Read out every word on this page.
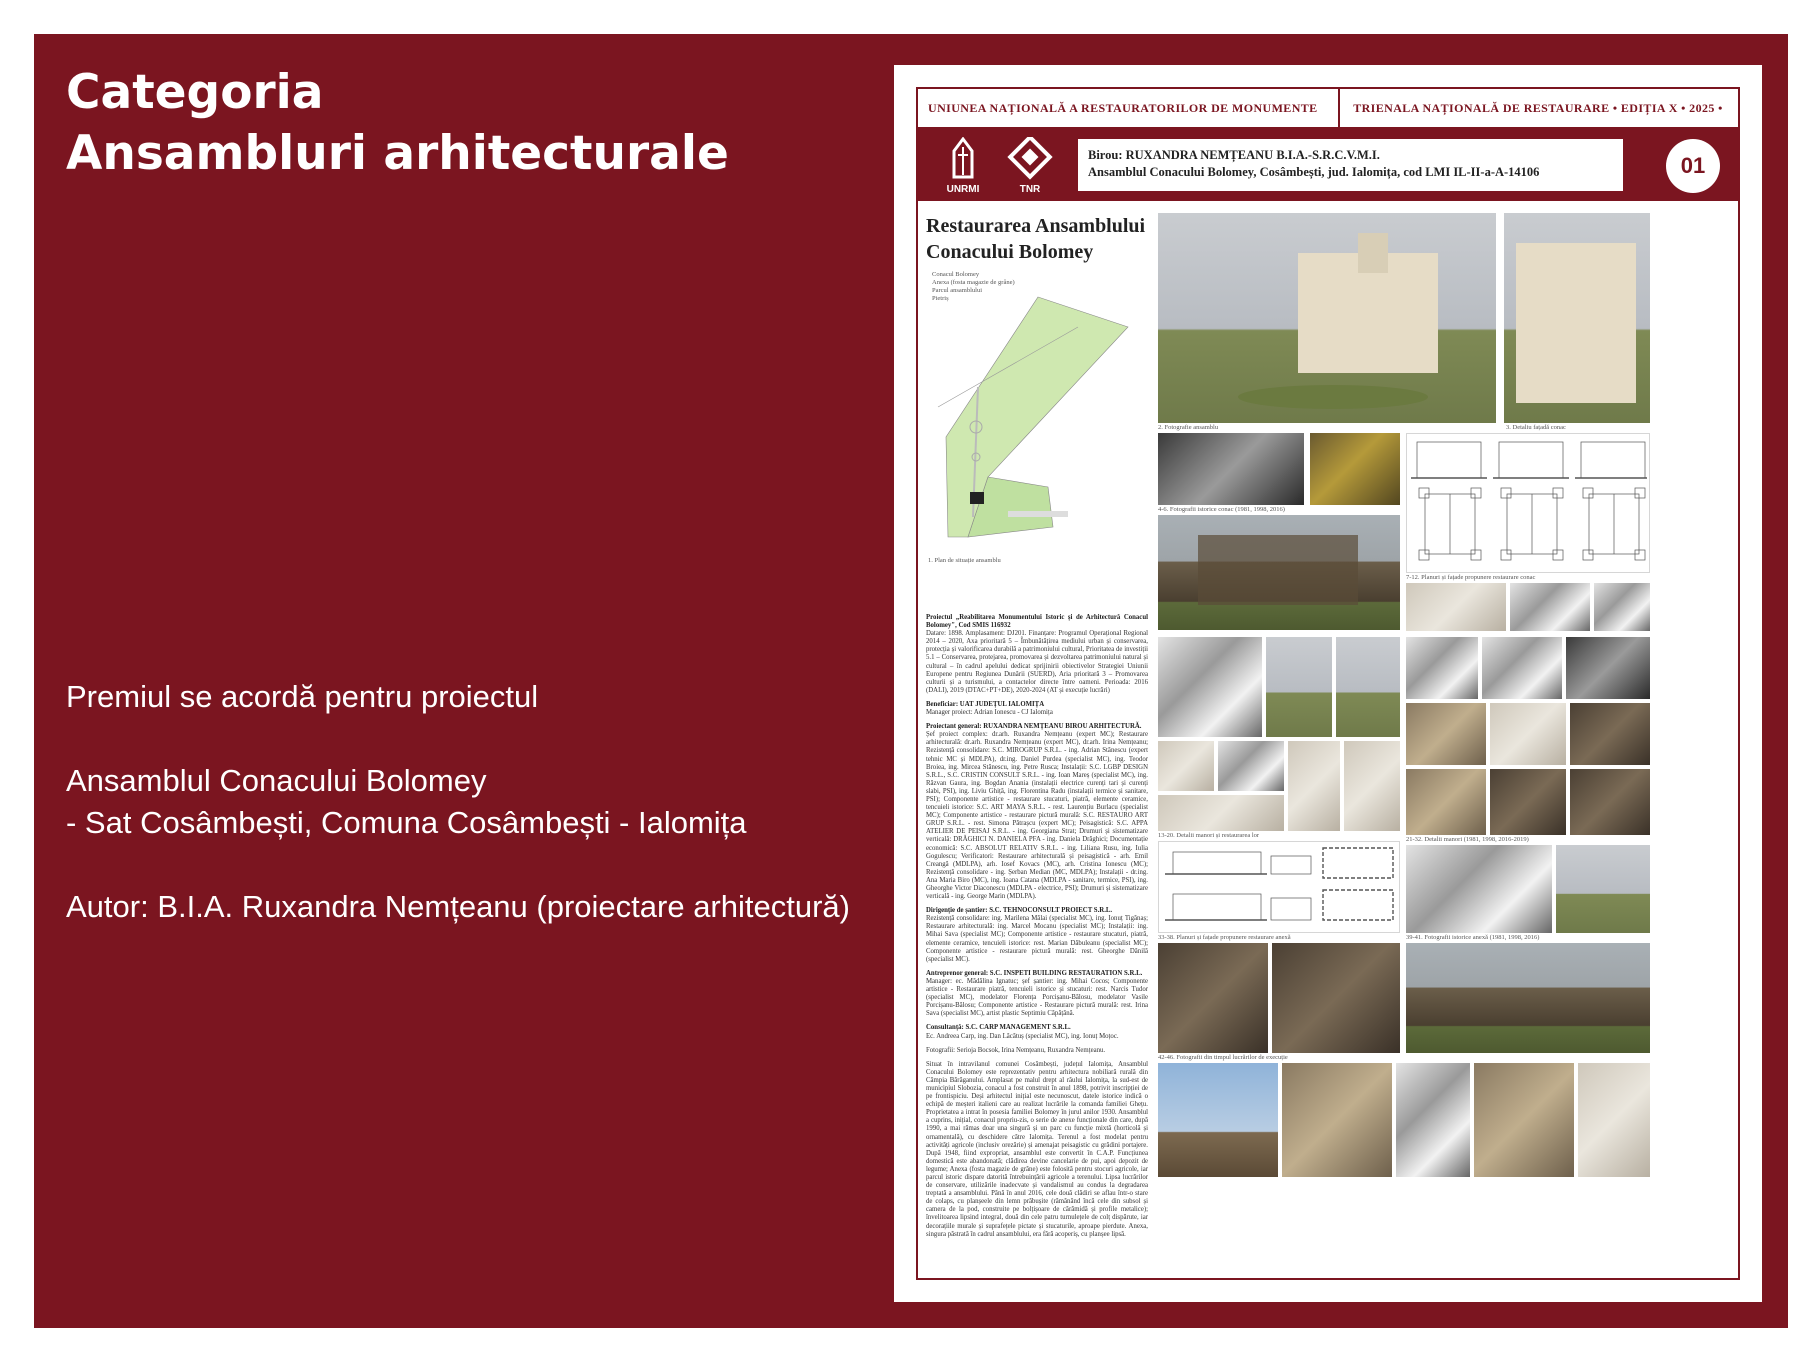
Categoria
Ansambluri arhitecturale

Premiul se acordă pentru proiectul

Ansamblul Conacului Bolomey

- Sat Cosâmbești, Comuna Cosâmbești - Ialomița

Autor: B.I.A. Ruxandra Nemțeanu (proiectare arhitectură)

UNIUNEA NAȚIONALĂ A RESTAURATORILOR DE MONUMENTE	TRIENALA NAȚIONALĂ DE RESTAURARE • EDIȚIA X • 2025 •
UNRMI	TNR
Birou: RUXANDRA NEMȚEANU B.I.A.-S.R.C.V.M.I.
Ansamblul Conacului Bolomey, Cosâmbești, jud. Ialomița, cod LMI IL-II-a-A-14106	01
Restaurarea Ansamblului
Conacului Bolomey
Conacul Bolomey
Anexa (fosta magazie de grâne)
Parcul ansamblului
Pietriș
1. Plan de situație ansamblu

Proiectul „Reabilitarea Monumentului Istoric și de Arhitectură Conacul Bolomey", Cod SMIS 116932
Datare: 1898. Amplasament: DJ201. Finanțare: Programul Operațional Regional 2014 – 2020, Axa prioritară 5 – Îmbunătățirea mediului urban și conservarea, protecția și valorificarea durabilă a patrimoniului cultural, Prioritatea de investiții 5.1 – Conservarea, protejarea, promovarea și dezvoltarea patrimoniului natural și cultural – în cadrul apelului dedicat sprijinirii obiectivelor Strategiei Uniunii Europene pentru Regiunea Dunării (SUERD), Aria prioritară 3 – Promovarea culturii și a turismului, a contactelor directe între oameni. Perioada: 2016 (DALI), 2019 (DTAC+PT+DE), 2020-2024 (AT și execuție lucrări)

Beneficiar: UAT JUDEȚUL IALOMIȚA
Manager proiect: Adrian Ionescu - CJ Ialomița

Proiectant general: RUXANDRA NEMȚEANU BIROU ARHITECTURĂ.
Șef proiect complex: dr.arh. Ruxandra Nemțeanu (expert MC); Restaurare arhitecturală: dr.arh. Ruxandra Nemțeanu (expert MC), dr.arh. Irina Nemțeanu; Rezistență consolidare: S.C. MIROGRUP S.R.L. - ing. Adrian Stănescu (expert tehnic MC și MDLPA), dr.ing. Daniel Purdea (specialist MC), ing. Teodor Broiea, ing. Mircea Stănescu, ing. Petre Rusca; Instalații: S.C. LGBP DESIGN S.R.L., S.C. CRISTIN CONSULT S.R.L. - ing. Ioan Mareș (specialist MC), ing. Răzvan Gaura, ing. Bogdan Anania (instalații electrice curenți tari și curenți slabi, PSI), ing. Liviu Ghiță, ing. Florentina Radu (instalații termice și sanitare, PSI); Componente artistice - restaurare stucaturi, piatră, elemente ceramice, tencuieli istorice: S.C. ART MAYA S.R.L. - rest. Laurențiu Burlacu (specialist MC); Componente artistice - restaurare pictură murală: S.C. RESTAURO ART GRUP S.R.L. - rest. Simona Pătrașcu (expert MC); Peisagistică: S.C. APPA ATELIER DE PEISAJ S.R.L. - ing. Georgiana Strat; Drumuri și sistematizare verticală: DRĂGHICI N. DANIELA PFA - ing. Daniela Drăghici; Documentație economică: S.C. ABSOLUT RELATIV S.R.L. - ing. Liliana Rusu, ing. Iulia Gogulescu; Verificatori: Restaurare arhitecturală și peisagistică - arh. Emil Creangă (MDLPA), arh. Iosef Kovacs (MC), arh. Cristina Ionescu (MC); Rezistență consolidare - ing. Șerban Median (MC, MDLPA); Instalații - dr.ing. Ana Maria Biro (MC), ing. Ioana Catana (MDLPA - sanitare, termice, PSI), ing. Gheorghe Victor Diaconescu (MDLPA - electrice, PSI); Drumuri și sistematizare verticală - ing. George Marin (MDLPA).

Dirigenție de șantier: S.C. TEHNOCONSULT PROIECT S.R.L.
Rezistență consolidare: ing. Marilena Mălai (specialist MC), ing. Ionuț Tigănaș; Restaurare arhitecturală: ing. Marcel Mocanu (specialist MC); Instalații: ing. Mihai Sava (specialist MC); Componente artistice - restaurare stucaturi, piatră, elemente ceramice, tencuieli istorice: rest. Marian Dăbuleanu (specialist MC); Componente artistice - restaurare pictură murală: rest. Gheorghe Dănilă (specialist MC).

Antreprenor general: S.C. INSPETI BUILDING RESTAURATION S.R.L.
Manager: ec. Mădălina Ignatuc; șef șantier: ing. Mihai Cocos; Componente artistice - Restaurare piatră, tencuieli istorice și stucaturi: rest. Narcis Tudor (specialist MC), modelator Florența Porcișanu-Bălosu, modelator Vasile Porcișanu-Bălosu; Componente artistice - Restaurare pictură murală: rest. Irina Sava (specialist MC), artist plastic Septimiu Căpățână.

Consultanță: S.C. CARP MANAGEMENT S.R.L.
Ec. Andreea Carp, ing. Dan Lăcătuș (specialist MC), ing. Ionuț Moțoc.

Fotografii: Serioja Bocsok, Irina Nemțeanu, Ruxandra Nemțeanu.

Situat în intravilanul comunei Cosâmbești, județul Ialomița, Ansamblul Conacului Bolomey este reprezentativ pentru arhitectura nobiliară rurală din Câmpia Bărăganului. Amplasat pe malul drept al râului Ialomița, la sud-est de municipiul Slobozia, conacul a fost construit în anul 1898, potrivit inscripției de pe frontispiciu. Deși arhitectul inițial este necunoscut, datele istorice indică o echipă de meșteri italieni care au realizat lucrările la comanda familiei Ghețu. Proprietatea a intrat în posesia familiei Bolomey în jurul anilor 1930. Ansamblul a cuprins, inițial, conacul propriu-zis, o serie de anexe funcționale din care, după 1990, a mai rămas doar una singură și un parc cu funcție mixtă (horticolă și ornamentală), cu deschidere către Ialomița. Terenul a fost modelat pentru activități agricole (inclusiv orezărie) și amenajat peisagistic cu grădini portajere. După 1948, fiind expropriat, ansamblul este convertit în C.A.P. Funcțiunea domestică este abandonată; clădirea devine cancelarie de pui, apoi depozit de legume; Anexa (fosta magazie de grâne) este folosită pentru stocuri agricole, iar parcul istoric dispare datorită întrebuințării agricole a terenului. Lipsa lucrărilor de conservare, utilizările inadecvate și vandalismul au condus la degradarea treptată a ansamblului. Până în anul 2016, cele două clădiri se aflau într-o stare de colaps, cu planșeele din lemn prăbușite (rămânând încă cele din subsol și camera de la pod, construite pe bolțișoare de cărămidă și profile metalice); învelitoarea lipsind integral, două din cele patru turnulețele de colț dispărute, iar decorațiile murale și suprafețele pictate și stucaturile, aproape pierdute. Anexa, singura păstrată în cadrul ansamblului, era fără acoperiș, cu planșee lipsă.

2. Fotografie ansamblu	3. Detaliu fațadă conac
4-6. Fotografii istorice conac (1981, 1998, 2016)
7-12. Planuri și fațade propunere restaurare conac
21-32. Detalii manori (1981, 1998, 2016-2019)
13-20. Detalii manori și restaurarea lor
33-38. Planuri și fațade propunere restaurare anexă	39-41. Fotografii istorice anexă (1981, 1998, 2016)
42-46. Fotografii din timpul lucrărilor de execuție
